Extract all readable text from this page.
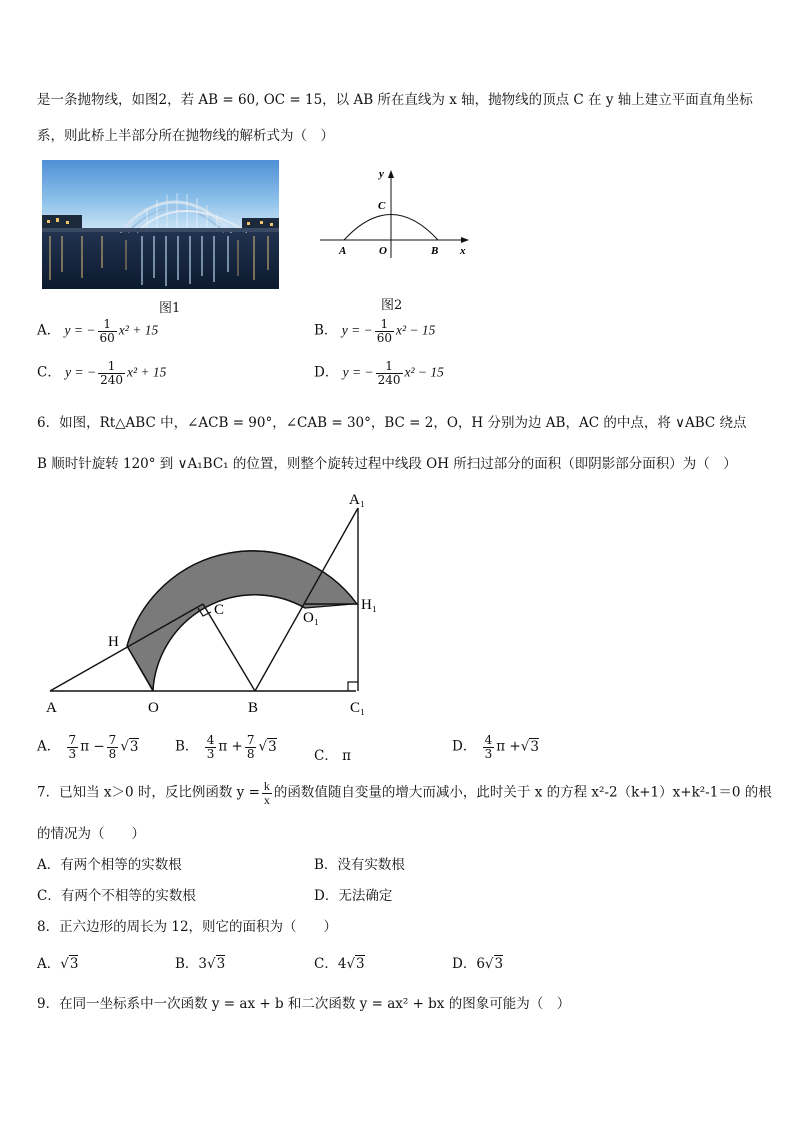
是一条抛物线，如图2，若 AB = 60, OC = 15，以 AB 所在直线为 x 轴，抛物线的顶点 C 在 y 轴上建立平面直角坐标
系，则此桥上半部分所在抛物线的解析式为（　）
图1
y
x
C
A	O	B
图2
A． y = − $\frac{1}{60} x^2 + 15$	B． y = − $\frac{1}{60} x^2 - 15$
C． y = − $\frac{1}{240} x^2 + 15$	D． y = − $\frac{1}{240} x^2 - 15$
6．如图，Rt△ABC 中，∠ACB = 90°，∠CAB = 30°，BC = 2，O，H 分别为边 AB，AC 的中点，将 ∨ABC 绕点
B 顺时针旋转 120° 到 ∨A₁BC₁ 的位置，则整个旋转过程中线段 OH 所扫过部分的面积（即阴影部分面积）为（　）
A₁
H₁
O₁
C
H
A	O	B	C₁
A． $\frac{7}{3}$ $\pi - \frac{7}{8} √3$	B． $\frac{4}{3}$ $\pi + \frac{7}{8} √3$
C． π
D． $\frac{4}{3}$ π +√3
7．已知当 x＞0 时，反比例函数 $y = \frac{k}{x}$ 的函数值随自变量的增大而减小，此时关于 x 的方程 x²-2（k+1）x+k²-1＝0 的根
的情况为（　　）
A．有两个相等的实数根	B．没有实数根
C．有两个不相等的实数根	D．无法确定
8．正六边形的周长为 12，则它的面积为（　　）
A．√3	B．3√3	C．4√3	D．6√3
9．在同一坐标系中一次函数 y = ax + b 和二次函数 y = ax² + bx 的图象可能为（　）
